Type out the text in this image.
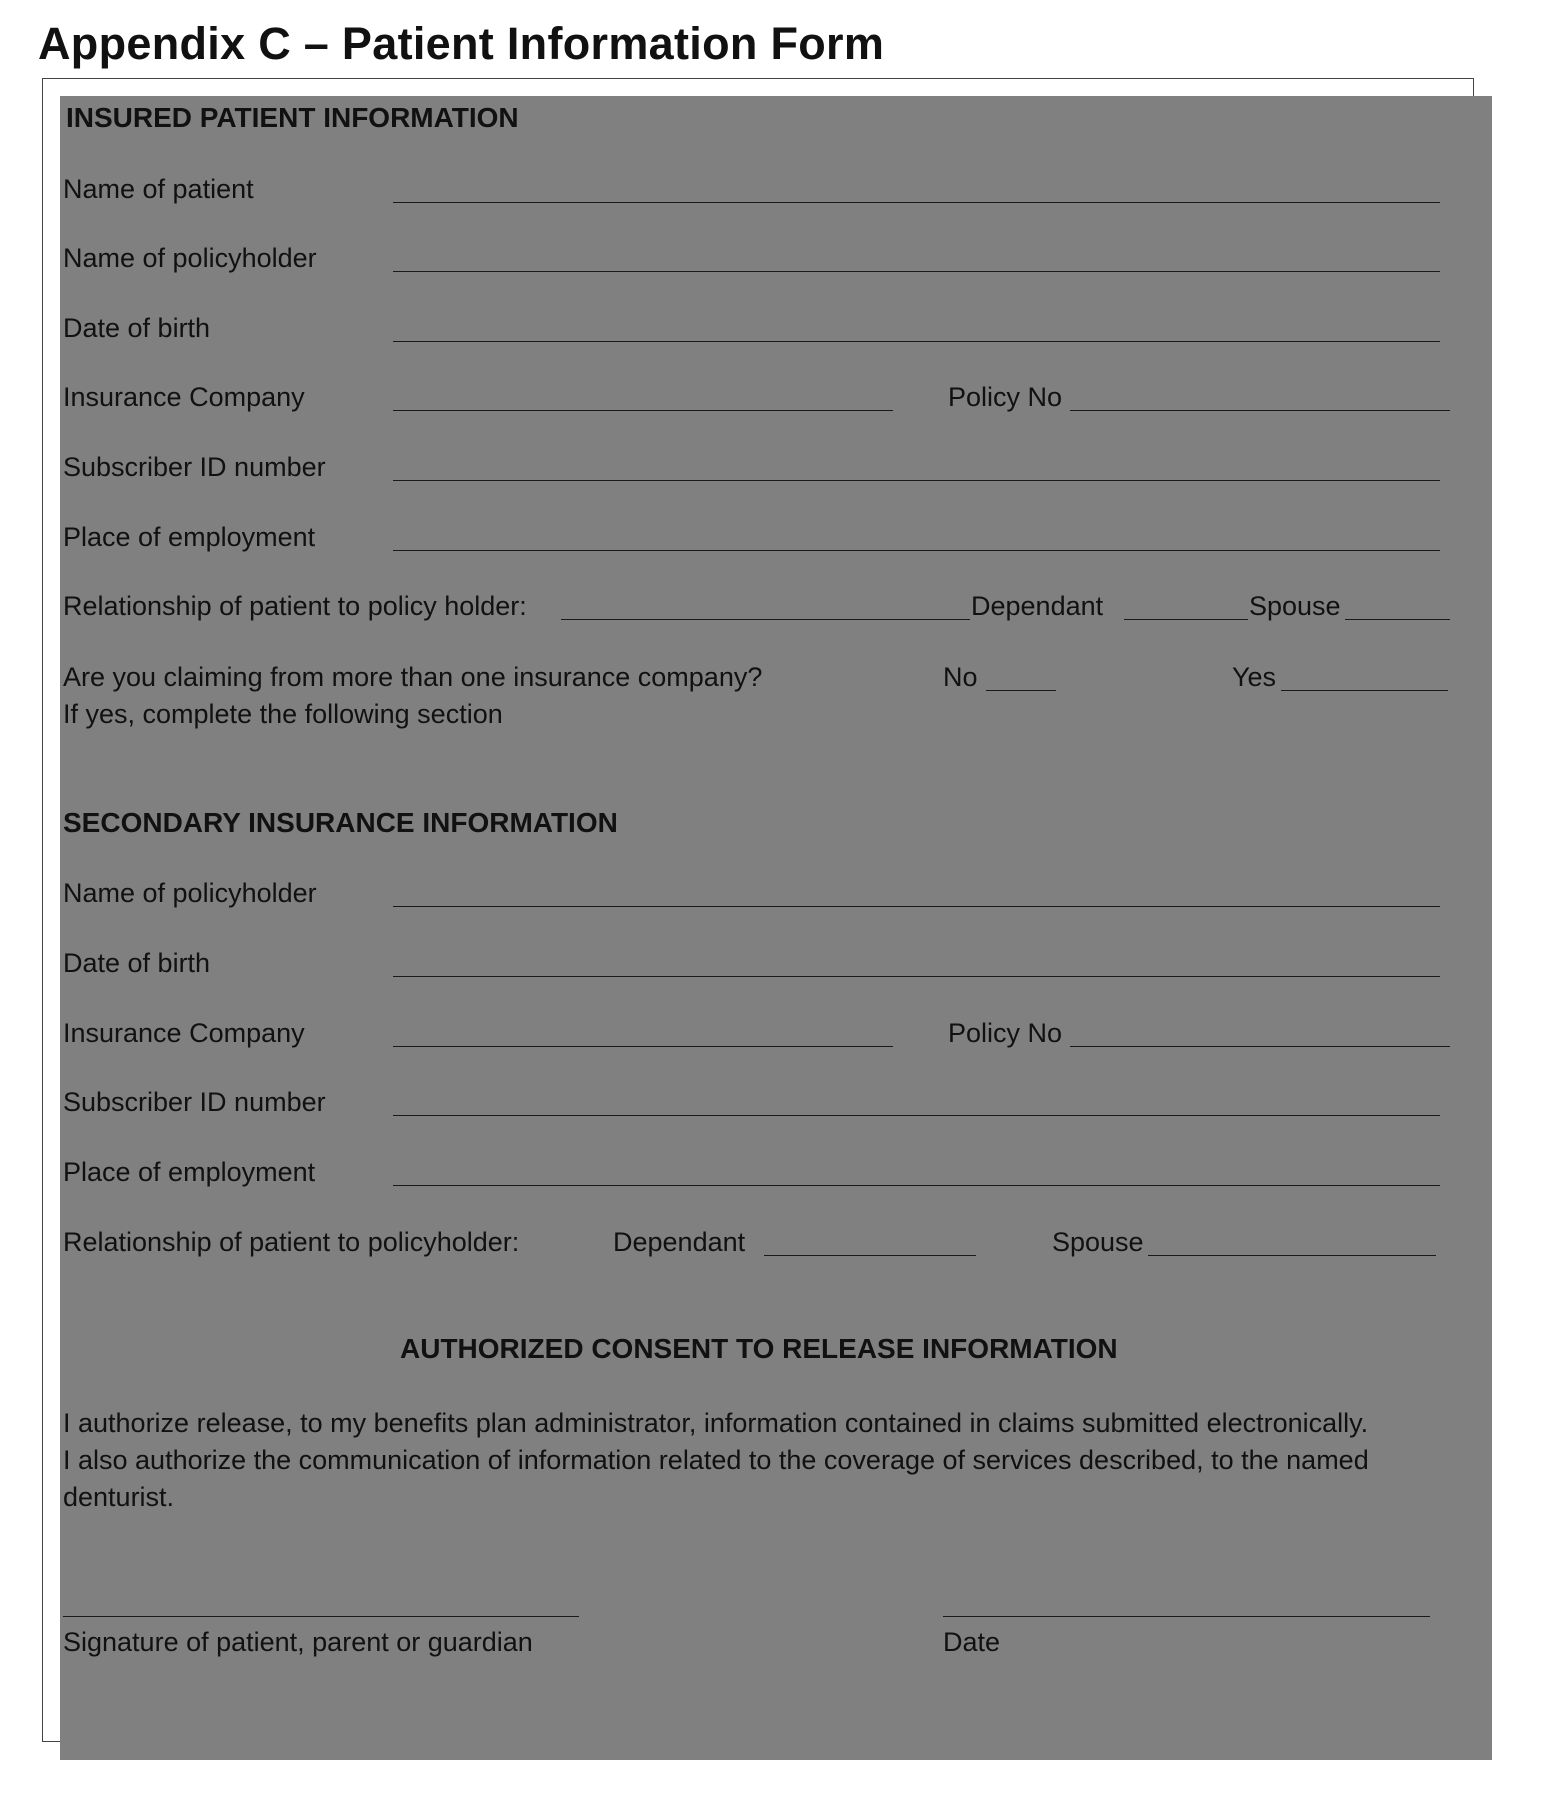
Appendix C – Patient Information Form
INSURED PATIENT INFORMATION
Name of patient
Name of policyholder
Date of birth
Insurance Company	Policy No
Subscriber ID number
Place of employment
Relationship of patient to policy holder:	Dependant	Spouse
Are you claiming from more than one insurance company?	No	Yes
If yes, complete the following section
SECONDARY INSURANCE INFORMATION
Name of policyholder
Date of birth
Insurance Company	Policy No
Subscriber ID number
Place of employment
Relationship of patient to policyholder:	Dependant	Spouse
AUTHORIZED CONSENT TO RELEASE INFORMATION
I authorize release, to my benefits plan administrator, information contained in claims submitted electronically.
I also authorize the communication of information related to the coverage of services described, to the named
denturist.
Signature of patient, parent or guardian	Date
